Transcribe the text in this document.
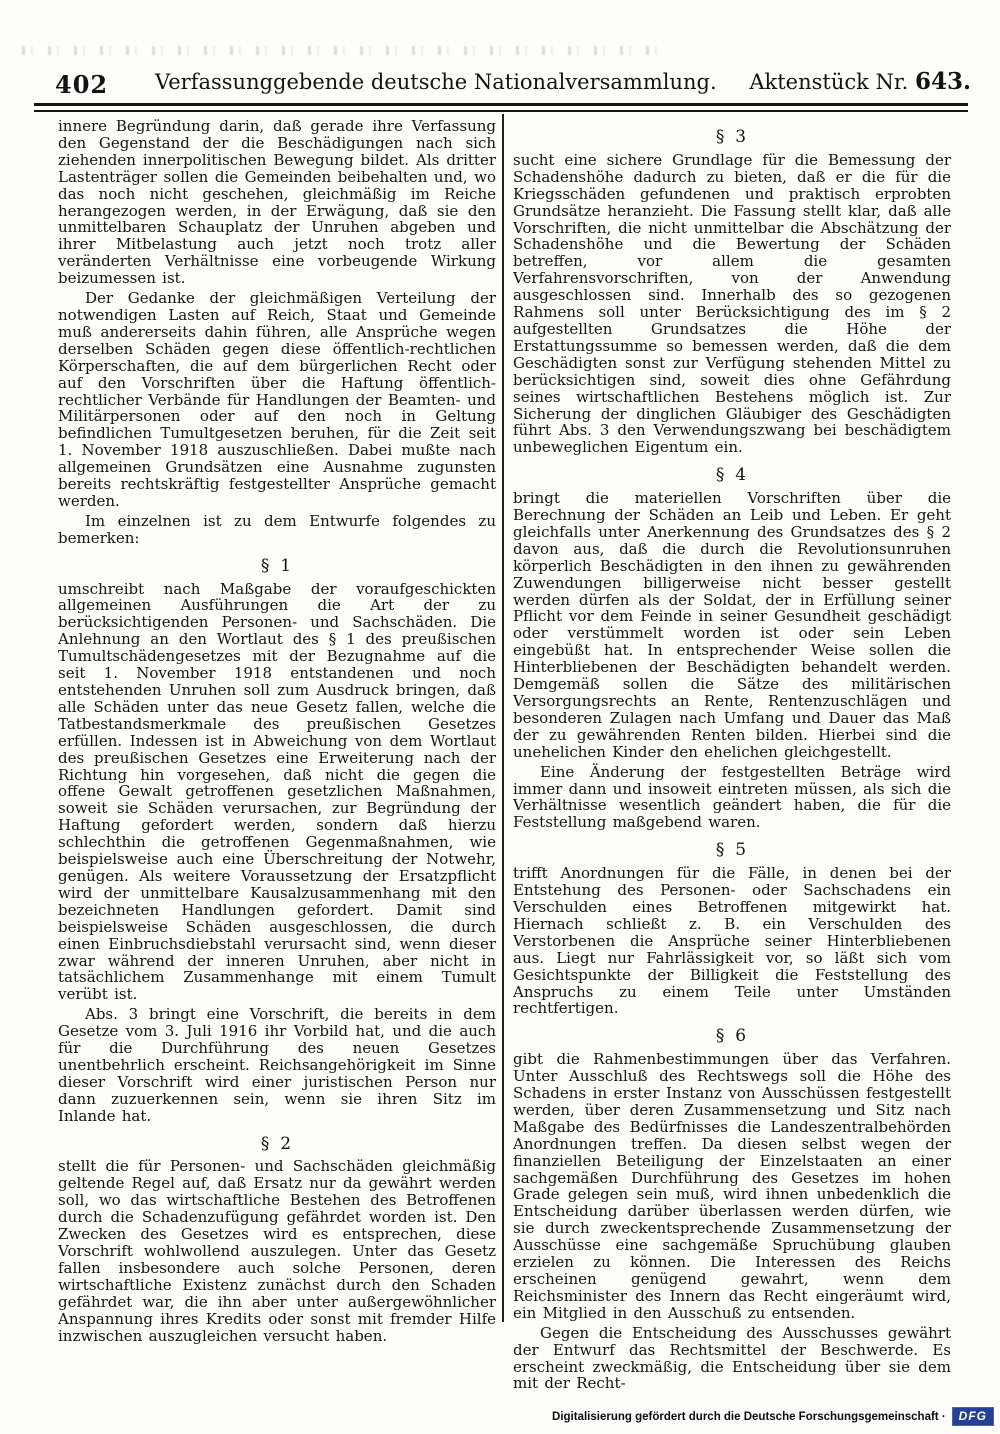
402 Verfassunggebende deutsche Nationalversammlung. Aktenstück Nr. 643.

innere Begründung darin, daß gerade ihre Verfassung den Gegenstand der die Beschädigungen nach sich ziehenden innerpolitischen Bewegung bildet. Als dritter Lastenträger sollen die Gemeinden beibehalten und, wo das noch nicht geschehen, gleichmäßig im Reiche herangezogen werden, in der Erwägung, daß sie den unmittelbaren Schauplatz der Unruhen abgeben und ihrer Mitbelastung auch jetzt noch trotz aller veränderten Verhältnisse eine vorbeugende Wirkung beizumessen ist.

Der Gedanke der gleichmäßigen Verteilung der notwendigen Lasten auf Reich, Staat und Gemeinde muß andererseits dahin führen, alle Ansprüche wegen derselben Schäden gegen diese öffentlich-rechtlichen Körperschaften, die auf dem bürgerlichen Recht oder auf den Vorschriften über die Haftung öffentlich-rechtlicher Verbände für Handlungen der Beamten- und Militärpersonen oder auf den noch in Geltung befindlichen Tumultgesetzen beruhen, für die Zeit seit 1. November 1918 auszuschließen. Dabei mußte nach allgemeinen Grundsätzen eine Ausnahme zugunsten bereits rechtskräftig festgestellter Ansprüche gemacht werden.

Im einzelnen ist zu dem Entwurfe folgendes zu bemerken:

§ 1

umschreibt nach Maßgabe der voraufgeschickten allgemeinen Ausführungen die Art der zu berücksichtigenden Personen- und Sachschäden. Die Anlehnung an den Wortlaut des § 1 des preußischen Tumultschädengesetzes mit der Bezugnahme auf die seit 1. November 1918 entstandenen und noch entstehenden Unruhen soll zum Ausdruck bringen, daß alle Schäden unter das neue Gesetz fallen, welche die Tatbestandsmerkmale des preußischen Gesetzes erfüllen. Indessen ist in Abweichung von dem Wortlaut des preußischen Gesetzes eine Erweiterung nach der Richtung hin vorgesehen, daß nicht die gegen die offene Gewalt getroffenen gesetzlichen Maßnahmen, soweit sie Schäden verursachen, zur Begründung der Haftung gefordert werden, sondern daß hierzu schlechthin die getroffenen Gegenmaßnahmen, wie beispielsweise auch eine Überschreitung der Notwehr, genügen. Als weitere Voraussetzung der Ersatzpflicht wird der unmittelbare Kausalzusammenhang mit den bezeichneten Handlungen gefordert. Damit sind beispielsweise Schäden ausgeschlossen, die durch einen Einbruchsdiebstahl verursacht sind, wenn dieser zwar während der inneren Unruhen, aber nicht in tatsächlichem Zusammenhange mit einem Tumult verübt ist.

Abs. 3 bringt eine Vorschrift, die bereits in dem Gesetze vom 3. Juli 1916 ihr Vorbild hat, und die auch für die Durchführung des neuen Gesetzes unentbehrlich erscheint. Reichsangehörigkeit im Sinne dieser Vorschrift wird einer juristischen Person nur dann zuzuerkennen sein, wenn sie ihren Sitz im Inlande hat.

§ 2

stellt die für Personen- und Sachschäden gleichmäßig geltende Regel auf, daß Ersatz nur da gewährt werden soll, wo das wirtschaftliche Bestehen des Betroffenen durch die Schadenzufügung gefährdet worden ist. Den Zwecken des Gesetzes wird es entsprechen, diese Vorschrift wohlwollend auszulegen. Unter das Gesetz fallen insbesondere auch solche Personen, deren wirtschaftliche Existenz zunächst durch den Schaden gefährdet war, die ihn aber unter außergewöhnlicher Anspannung ihres Kredits oder sonst mit fremder Hilfe inzwischen auszugleichen versucht haben.

§ 3

sucht eine sichere Grundlage für die Bemessung der Schadenshöhe dadurch zu bieten, daß er die für die Kriegsschäden gefundenen und praktisch erprobten Grundsätze heranzieht. Die Fassung stellt klar, daß alle Vorschriften, die nicht unmittelbar die Abschätzung der Schadenshöhe und die Bewertung der Schäden betreffen, vor allem die gesamten Verfahrensvorschriften, von der Anwendung ausgeschlossen sind. Innerhalb des so gezogenen Rahmens soll unter Berücksichtigung des im § 2 aufgestellten Grundsatzes die Höhe der Erstattungssumme so bemessen werden, daß die dem Geschädigten sonst zur Verfügung stehenden Mittel zu berücksichtigen sind, soweit dies ohne Gefährdung seines wirtschaftlichen Bestehens möglich ist. Zur Sicherung der dinglichen Gläubiger des Geschädigten führt Abs. 3 den Verwendungszwang bei beschädigtem unbeweglichen Eigentum ein.

§ 4

bringt die materiellen Vorschriften über die Berechnung der Schäden an Leib und Leben. Er geht gleichfalls unter Anerkennung des Grundsatzes des § 2 davon aus, daß die durch die Revolutionsunruhen körperlich Beschädigten in den ihnen zu gewährenden Zuwendungen billigerweise nicht besser gestellt werden dürfen als der Soldat, der in Erfüllung seiner Pflicht vor dem Feinde in seiner Gesundheit geschädigt oder verstümmelt worden ist oder sein Leben eingebüßt hat. In entsprechender Weise sollen die Hinterbliebenen der Beschädigten behandelt werden. Demgemäß sollen die Sätze des militärischen Versorgungsrechts an Rente, Rentenzuschlägen und besonderen Zulagen nach Umfang und Dauer das Maß der zu gewährenden Renten bilden. Hierbei sind die unehelichen Kinder den ehelichen gleichgestellt.

Eine Änderung der festgestellten Beträge wird immer dann und insoweit eintreten müssen, als sich die Verhältnisse wesentlich geändert haben, die für die Feststellung maßgebend waren.

§ 5

trifft Anordnungen für die Fälle, in denen bei der Entstehung des Personen- oder Sachschadens ein Verschulden eines Betroffenen mitgewirkt hat. Hiernach schließt z. B. ein Verschulden des Verstorbenen die Ansprüche seiner Hinterbliebenen aus. Liegt nur Fahrlässigkeit vor, so läßt sich vom Gesichtspunkte der Billigkeit die Feststellung des Anspruchs zu einem Teile unter Umständen rechtfertigen.

§ 6

gibt die Rahmenbestimmungen über das Verfahren. Unter Ausschluß des Rechtswegs soll die Höhe des Schadens in erster Instanz von Ausschüssen festgestellt werden, über deren Zusammensetzung und Sitz nach Maßgabe des Bedürfnisses die Landeszentralbehörden Anordnungen treffen. Da diesen selbst wegen der finanziellen Beteiligung der Einzelstaaten an einer sachgemäßen Durchführung des Gesetzes im hohen Grade gelegen sein muß, wird ihnen unbedenklich die Entscheidung darüber überlassen werden dürfen, wie sie durch zweckentsprechende Zusammensetzung der Ausschüsse eine sachgemäße Spruchübung glauben erzielen zu können. Die Interessen des Reichs erscheinen genügend gewahrt, wenn dem Reichsminister des Innern das Recht eingeräumt wird, ein Mitglied in den Ausschuß zu entsenden.

Gegen die Entscheidung des Ausschusses gewährt der Entwurf das Rechtsmittel der Beschwerde. Es erscheint zweckmäßig, die Entscheidung über sie dem mit der Recht-

Digitalisierung gefördert durch die Deutsche Forschungsgemeinschaft ·	DFG
